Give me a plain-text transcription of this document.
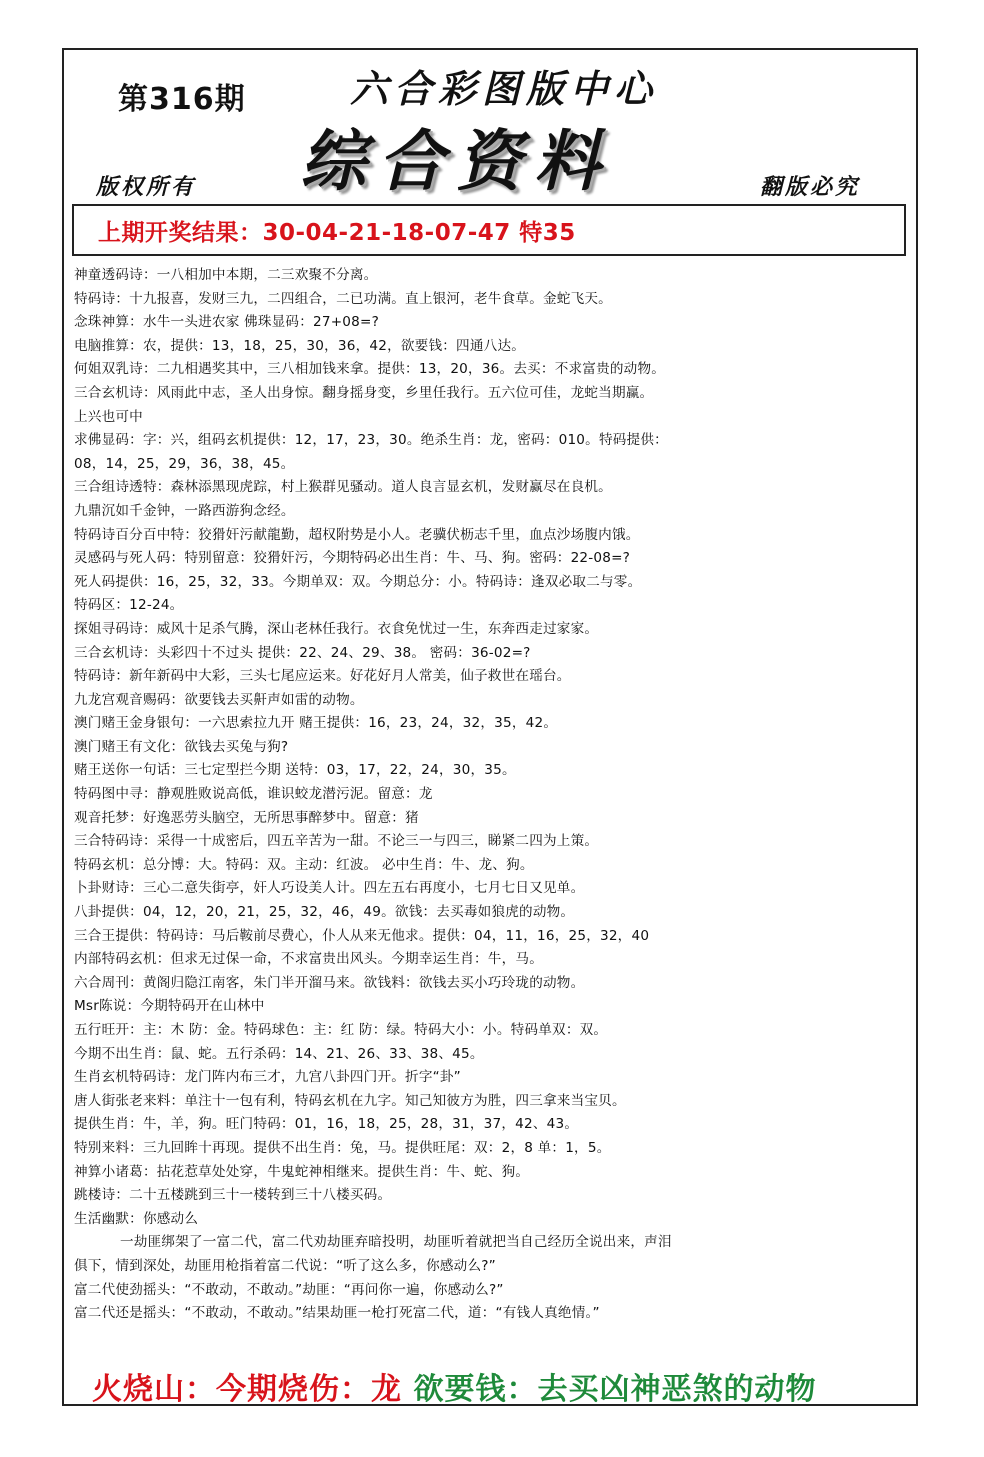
第316期	六合彩图版中心
综合资料
版权所有	翻版必究
上期开奖结果：30-04-21-18-07-47 特35
神童透码诗：一八相加中本期，二三欢聚不分离。
特码诗：十九报喜，发财三九，二四组合，二已功满。直上银河，老牛食草。金蛇飞天。
念珠神算：水牛一头进农家 佛珠显码：27+08=?
电脑推算：农，提供：13，18，25，30，36，42，欲要钱：四通八达。
何姐双乳诗：二九相遇奖其中，三八相加钱来拿。提供：13，20，36。去买：不求富贵的动物。
三合玄机诗：风雨此中志，圣人出身惊。翻身摇身变，乡里任我行。五六位可佳，龙蛇当期赢。
上兴也可中
求佛显码：字：兴，组码玄机提供：12，17，23，30。绝杀生肖：龙，密码：010。特码提供：
08，14，25，29，36，38，45。
三合组诗透特：森林添黑现虎踪，村上猴群见骚动。道人良言显玄机，发财赢尽在良机。
九鼎沉如千金钟，一路西游狗念经。
特码诗百分百中特：狡猾奸污献龍勤，超权附势是小人。老骥伏枥志千里，血点沙场腹内饿。
灵感码与死人码：特别留意：狡猾奸污，今期特码必出生肖：牛、马、狗。密码：22-08=?
死人码提供：16，25，32，33。今期单双：双。今期总分：小。特码诗：逢双必取二与零。
特码区：12-24。
探姐寻码诗：威风十足杀气腾，深山老林任我行。衣食免忧过一生，东奔西走过家家。
三合玄机诗：头彩四十不过头 提供：22、24、29、38。 密码：36-02=?
特码诗：新年新码中大彩，三头七尾应运来。好花好月人常美，仙子救世在瑶台。
九龙宫观音赐码：欲要钱去买鼾声如雷的动物。
澳门赌王金身银句：一六思索拉九开 赌王提供：16，23，24，32，35，42。
澳门赌王有文化：欲钱去买兔与狗?
赌王送你一句话：三七定型拦今期 送特：03，17，22，24，30，35。
特码图中寻：静观胜败说高低，谁识蛟龙潜污泥。留意：龙
观音托梦：好逸恶劳头脑空，无所思事醉梦中。留意：猪
三合特码诗：采得一十成密后，四五辛苦为一甜。不论三一与四三，睇紧二四为上策。
特码玄机：总分博：大。特码：双。主动：红波。 必中生肖：牛、龙、狗。
卜卦财诗：三心二意失街亭，奸人巧设美人计。四左五右再度小，七月七日又见单。
八卦提供：04，12，20，21，25，32，46，49。欲钱：去买毒如狼虎的动物。
三合王提供：特码诗：马后鞍前尽费心，仆人从来无他求。提供：04，11，16，25，32，40
内部特码玄机：但求无过保一命，不求富贵出风头。今期幸运生肖：牛，马。
六合周刊：黄阁归隐江南客，朱门半开溜马来。欲钱料：欲钱去买小巧玲珑的动物。
Msr陈说：今期特码开在山林中
五行旺开：主：木 防：金。特码球色：主：红 防：绿。特码大小：小。特码单双：双。
今期不出生肖：鼠、蛇。五行杀码：14、21、26、33、38、45。
生肖玄机特码诗：龙门阵内布三才，九宫八卦四门开。折字“卦”
唐人街张老来料：单注十一包有利，特码玄机在九字。知己知彼方为胜，四三拿来当宝贝。
提供生肖：牛，羊，狗。旺门特码：01，16，18，25，28，31，37，42、43。
特别来料：三九回眸十再现。提供不出生肖：兔，马。提供旺尾：双：2，8 单：1，5。
神算小诸葛：拈花惹草处处穿，牛鬼蛇神相继来。提供生肖：牛、蛇、狗。
跳楼诗：二十五楼跳到三十一楼转到三十八楼买码。
生活幽默：你感动么
一劫匪绑架了一富二代，富二代劝劫匪弃暗投明，劫匪听着就把当自己经历全说出来，声泪
俱下，情到深处，劫匪用枪指着富二代说：“听了这么多，你感动么?”
富二代使劲摇头：“不敢动，不敢动。”劫匪：“再问你一遍，你感动么?”
富二代还是摇头：“不敢动，不敢动。”结果劫匪一枪打死富二代，道：“有钱人真绝情。”
火烧山：今期烧伤：龙 欲要钱：去买凶神恶煞的动物
